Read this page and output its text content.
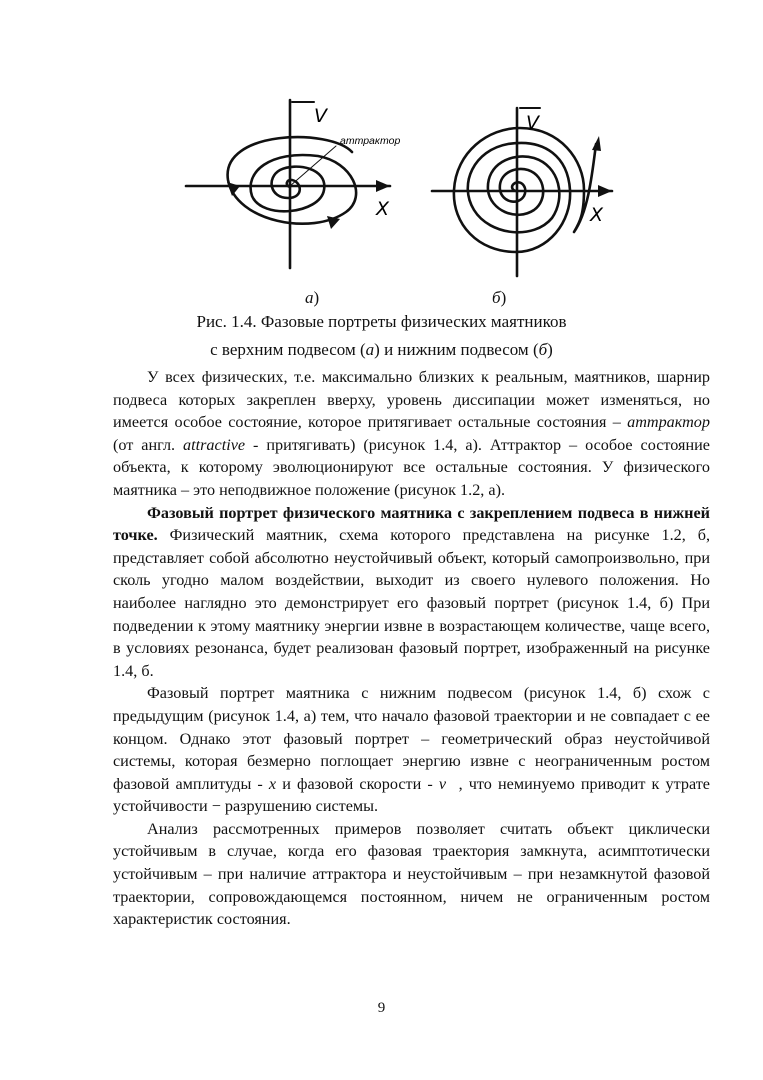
V
X
аттрактор
V
X
а)	б)
Рис. 1.4. Фазовые портреты физических маятников
с верхним подвесом (а) и нижним подвесом (б)

У всех физических, т.е. максимально близких к реальным, маятников, шарнир подвеса которых закреплен вверху, уровень диссипации может изменяться, но имеется особое состояние, которое притягивает остальные состояния – аттрактор (от англ. attractive - притягивать) (рисунок 1.4, а). Аттрактор – особое состояние объекта, к которому эволюционируют все остальные состояния. У физического маятника – это неподвижное положение (рисунок 1.2, а).

Фазовый портрет физического маятника с закреплением подвеса в нижней точке. Физический маятник, схема которого представлена на рисунке 1.2, б, представляет собой абсолютно неустойчивый объект, который самопроизвольно, при сколь угодно малом воздействии, выходит из своего нулевого положения. Но наиболее наглядно это демонстрирует его фазовый портрет (рисунок 1.4, б) При подведении к этому маятнику энергии извне в возрастающем количестве, чаще всего, в условиях резонанса, будет реализован фазовый портрет, изображенный на рисунке 1.4, б.

Фазовый портрет маятника с нижним подвесом (рисунок 1.4, б) схож с предыдущим (рисунок 1.4, а) тем, что начало фазовой траектории и не совпадает с ее концом. Однако этот фазовый портрет – геометрический образ неустойчивой системы, которая безмерно поглощает энергию извне с неограниченным ростом фазовой амплитуды - x и фазовой скорости - v⃗, что неминуемо приводит к утрате устойчивости − разрушению системы.

Анализ рассмотренных примеров позволяет считать объект циклически устойчивым в случае, когда его фазовая траектория замкнута, асимптотически устойчивым – при наличие аттрактора и неустойчивым – при незамкнутой фазовой траектории, сопровождающемся постоянном, ничем не ограниченным ростом характеристик состояния.

9
